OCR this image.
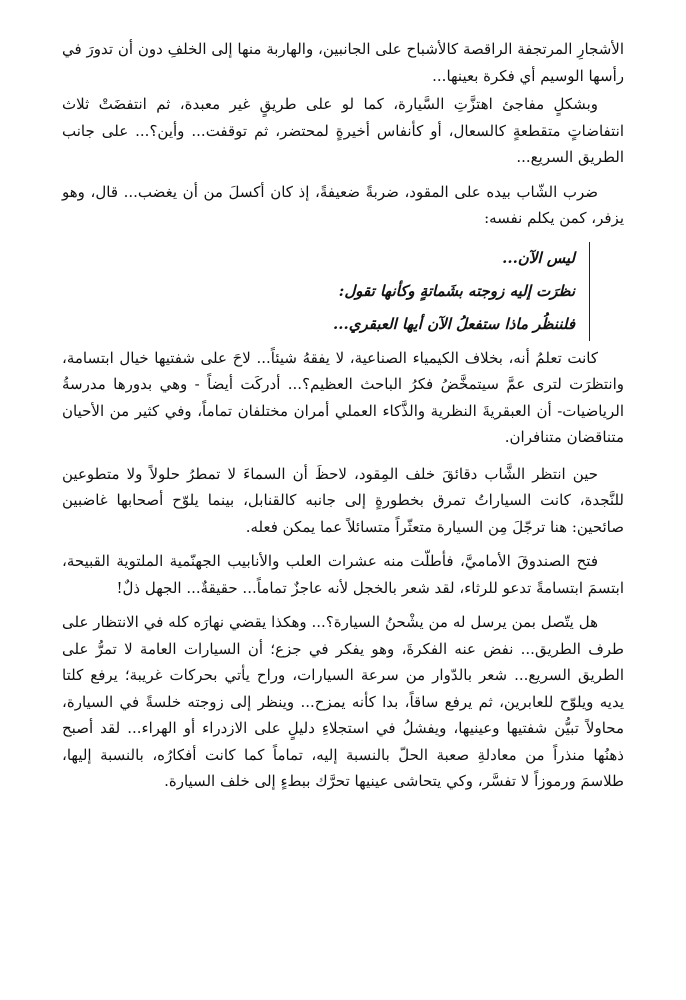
الأشجارِ المرتجفة الراقصة كالأشباح على الجانبين، والهاربة منها إلى الخلفِ دون أن تدورَ في رأسها الوسيم أي فكرة بعينها...

وبشكلٍ مفاجئ اهتزَّتِ السَّيارة، كما لو على طريقٍ غير معبدة، ثم انتفضَتْ ثلاث انتفاضاتٍ متقطعةٍ كالسعال، أو كأنفاس أخيرةٍ لمحتضر، ثم توقفت... وأين؟... على جانب الطريق السريع...

ضرب الشّاب بيده على المقود، ضربةً ضعيفةً، إذ كان أكسلَ من أن يغضب... قال، وهو يزفر، كمن يكلم نفسه:

ليس الآن...
نظرَت إليه زوجته بشَماتةٍ وكأنها تقول:
فلننظُر ماذا ستفعلُ الآن أيها العبقري...

كانت تعلمُ أنه، بخلاف الكيمياء الصناعية، لا يفقهُ شيئاً... لاحَ على شفتيها خيال ابتسامة، وانتظرَت لترى عمَّ سيتمخَّضُ فكرُ الباحث العظيم؟... أدركَت أيضاً - وهي بدورها مدرسةُ الرياضيات- أن العبقريةَ النظرية والذَّكاء العملي أمران مختلفان تماماً، وفي كثير من الأحيان متناقضان متنافران.

حين انتظر الشَّاب دقائقَ خلف المِقود، لاحظَ أن السماءَ لا تمطرُ حلولاً ولا متطوعين للنَّجدة، كانت السياراتُ تمرق بخطورةٍ إلى جانبه كالقنابل، بينما يلوّح أصحابها غاضبين صائحين: هنا ترجّلَ مِن السيارة متعثّراً متسائلاً عما يمكن فعله.

فتح الصندوقَ الأماميَّ، فأطلّت منه عشرات العلب والأنابيب الجهنّمية الملتوية القبيحة، ابتسمَ ابتسامةً تدعو للرثاء، لقد شعر بالخجل لأنه عاجزٌ تماماً... حقيقةٌ... الجهل ذلٌ!

هل يتّصل بمن يرسل له من يشْحنُ السيارة؟... وهكذا يقضي نهارَه كله في الانتظار على طرف الطريق... نفض عنه الفكرةَ، وهو يفكر في جزع؛ أن السيارات العامة لا تمرُّ على الطريق السريع... شعر بالدّوار من سرعة السيارات، وراح يأتي بحركات غريبة؛ يرفع كلتا يديه ويلوّح للعابرين، ثم يرفع ساقاً، بدا كأنه يمزح... وينظر إلى زوجته خلسةً في السيارة، محاولاً تبيُّن شفتيها وعينيها، ويفشلُ في استجلاءِ دليلٍ على الازدراء أو الهراء... لقد أصبح ذهنُها منذراً من معادلةِ صعبة الحلّ بالنسبة إليه، تماماً كما كانت أفكارُه، بالنسبة إليها، طلاسمَ ورموزاً لا تفسَّر، وكي يتحاشى عينيها تحرَّك ببطءٍ إلى خلف السيارة.
